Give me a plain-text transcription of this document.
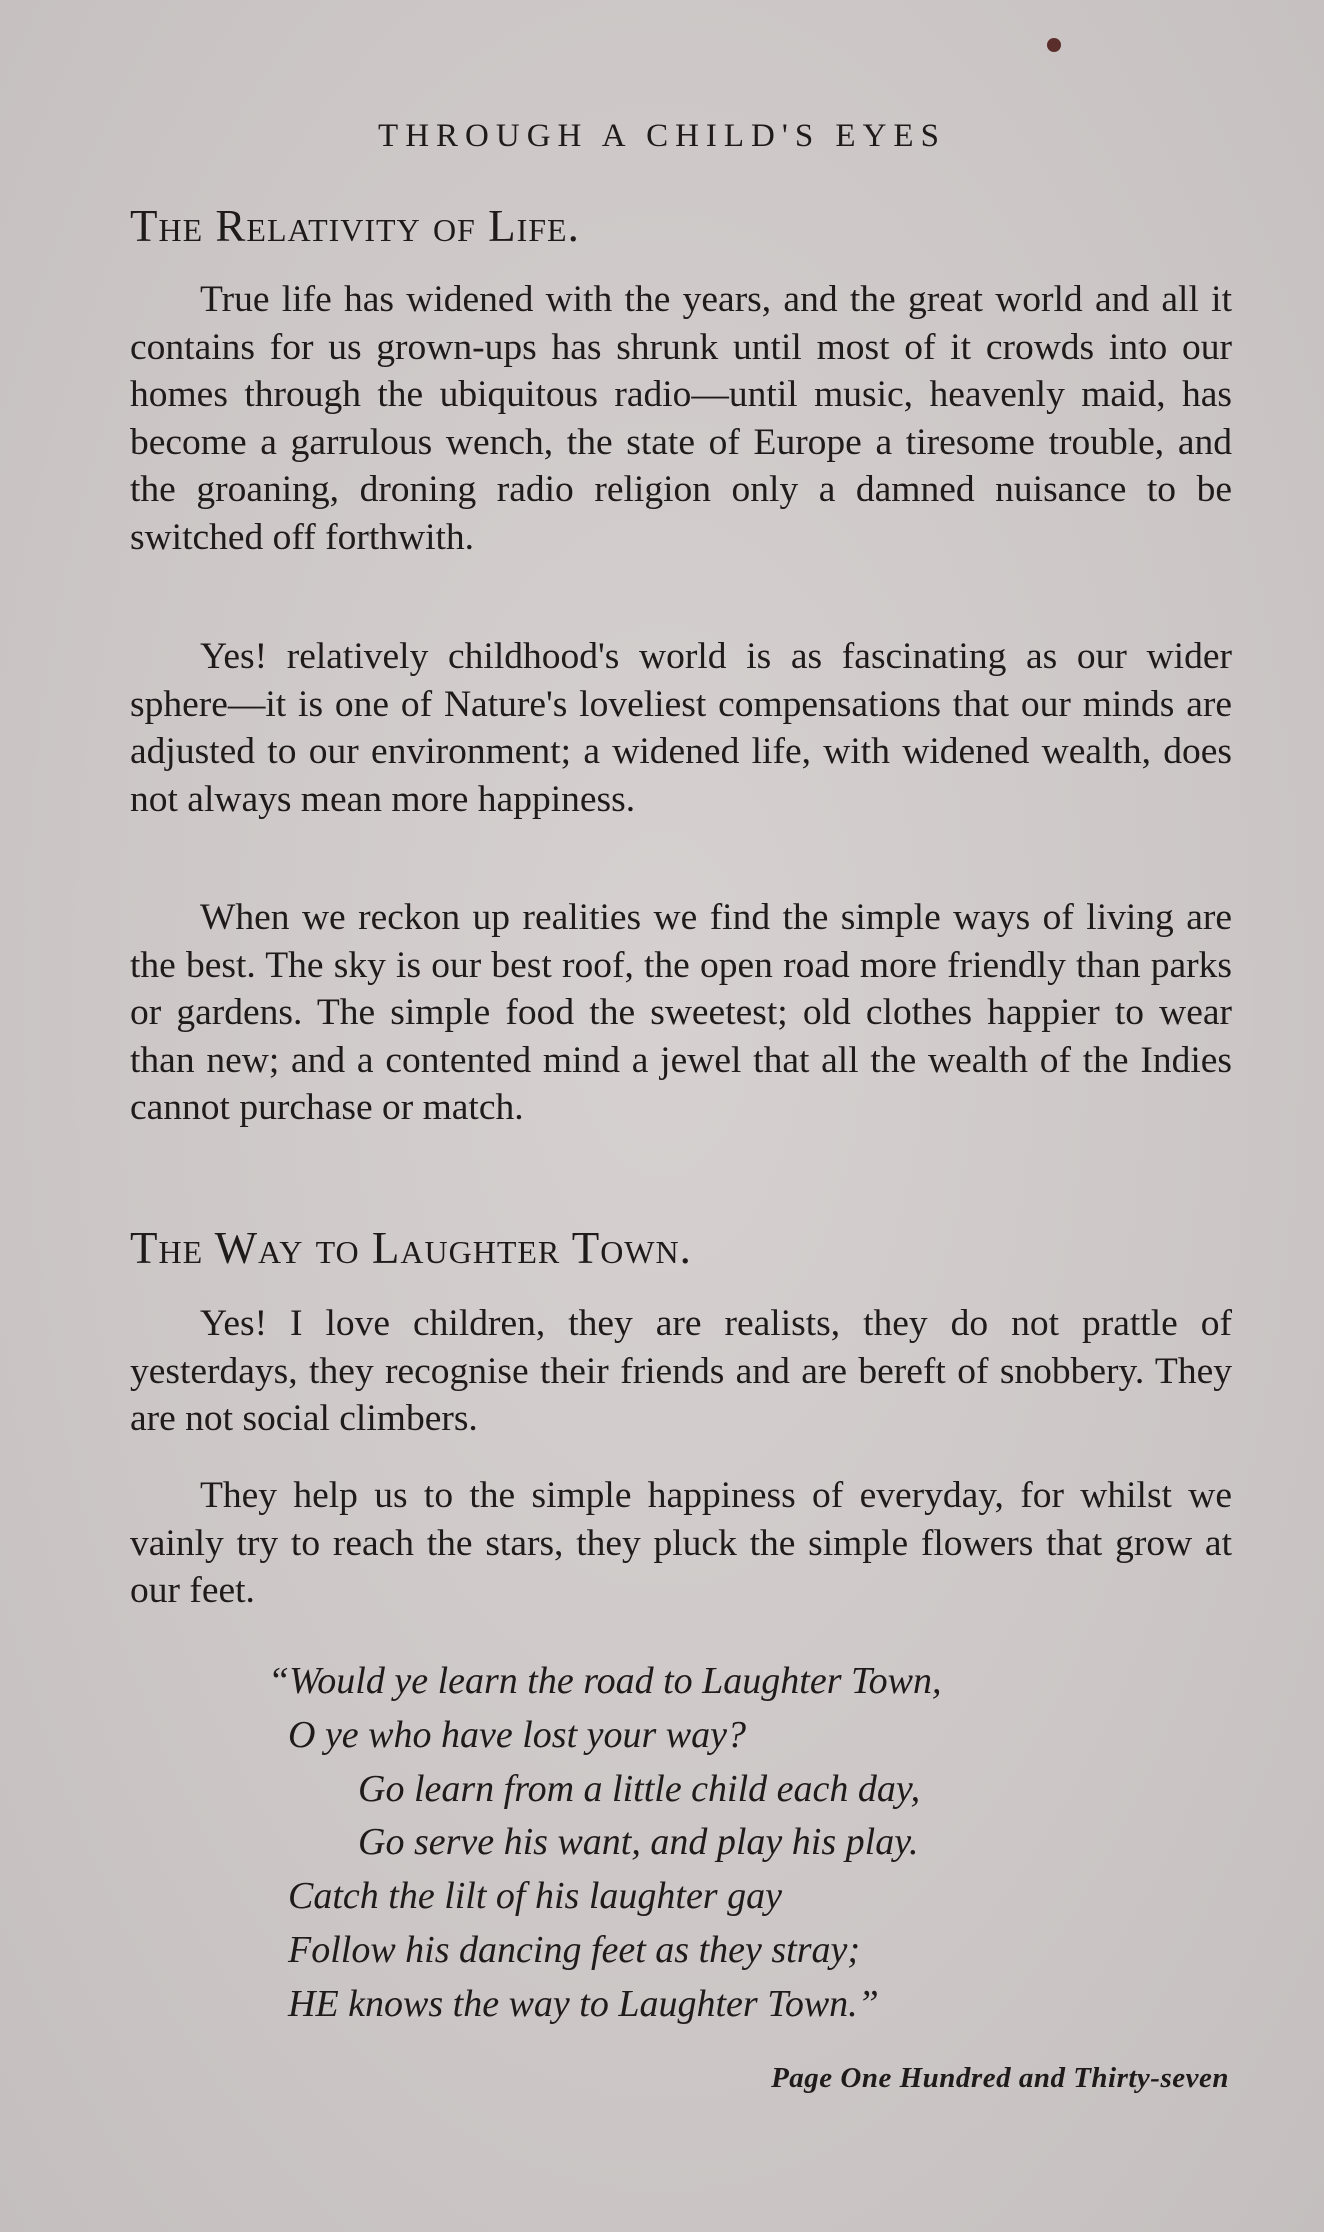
THROUGH A CHILD'S EYES
The Relativity of Life.
True life has widened with the years, and the great world and all it contains for us grown-ups has shrunk until most of it crowds into our homes through the ubiquitous radio—until music, heavenly maid, has become a garrulous wench, the state of Europe a tiresome trouble, and the groaning, droning radio religion only a damned nuisance to be switched off forthwith.
Yes! relatively childhood's world is as fascinating as our wider sphere—it is one of Nature's loveliest compensations that our minds are adjusted to our environment; a widened life, with widened wealth, does not always mean more happiness.
When we reckon up realities we find the simple ways of living are the best. The sky is our best roof, the open road more friendly than parks or gardens. The simple food the sweetest; old clothes happier to wear than new; and a contented mind a jewel that all the wealth of the Indies cannot purchase or match.
The Way to Laughter Town.
Yes! I love children, they are realists, they do not prattle of yesterdays, they recognise their friends and are bereft of snobbery. They are not social climbers.
They help us to the simple happiness of everyday, for whilst we vainly try to reach the stars, they pluck the simple flowers that grow at our feet.
“Would ye learn the road to Laughter Town,
O ye who have lost your way?
Go learn from a little child each day,
Go serve his want, and play his play.
Catch the lilt of his laughter gay
Follow his dancing feet as they stray;
HE knows the way to Laughter Town.”
Page One Hundred and Thirty-seven
